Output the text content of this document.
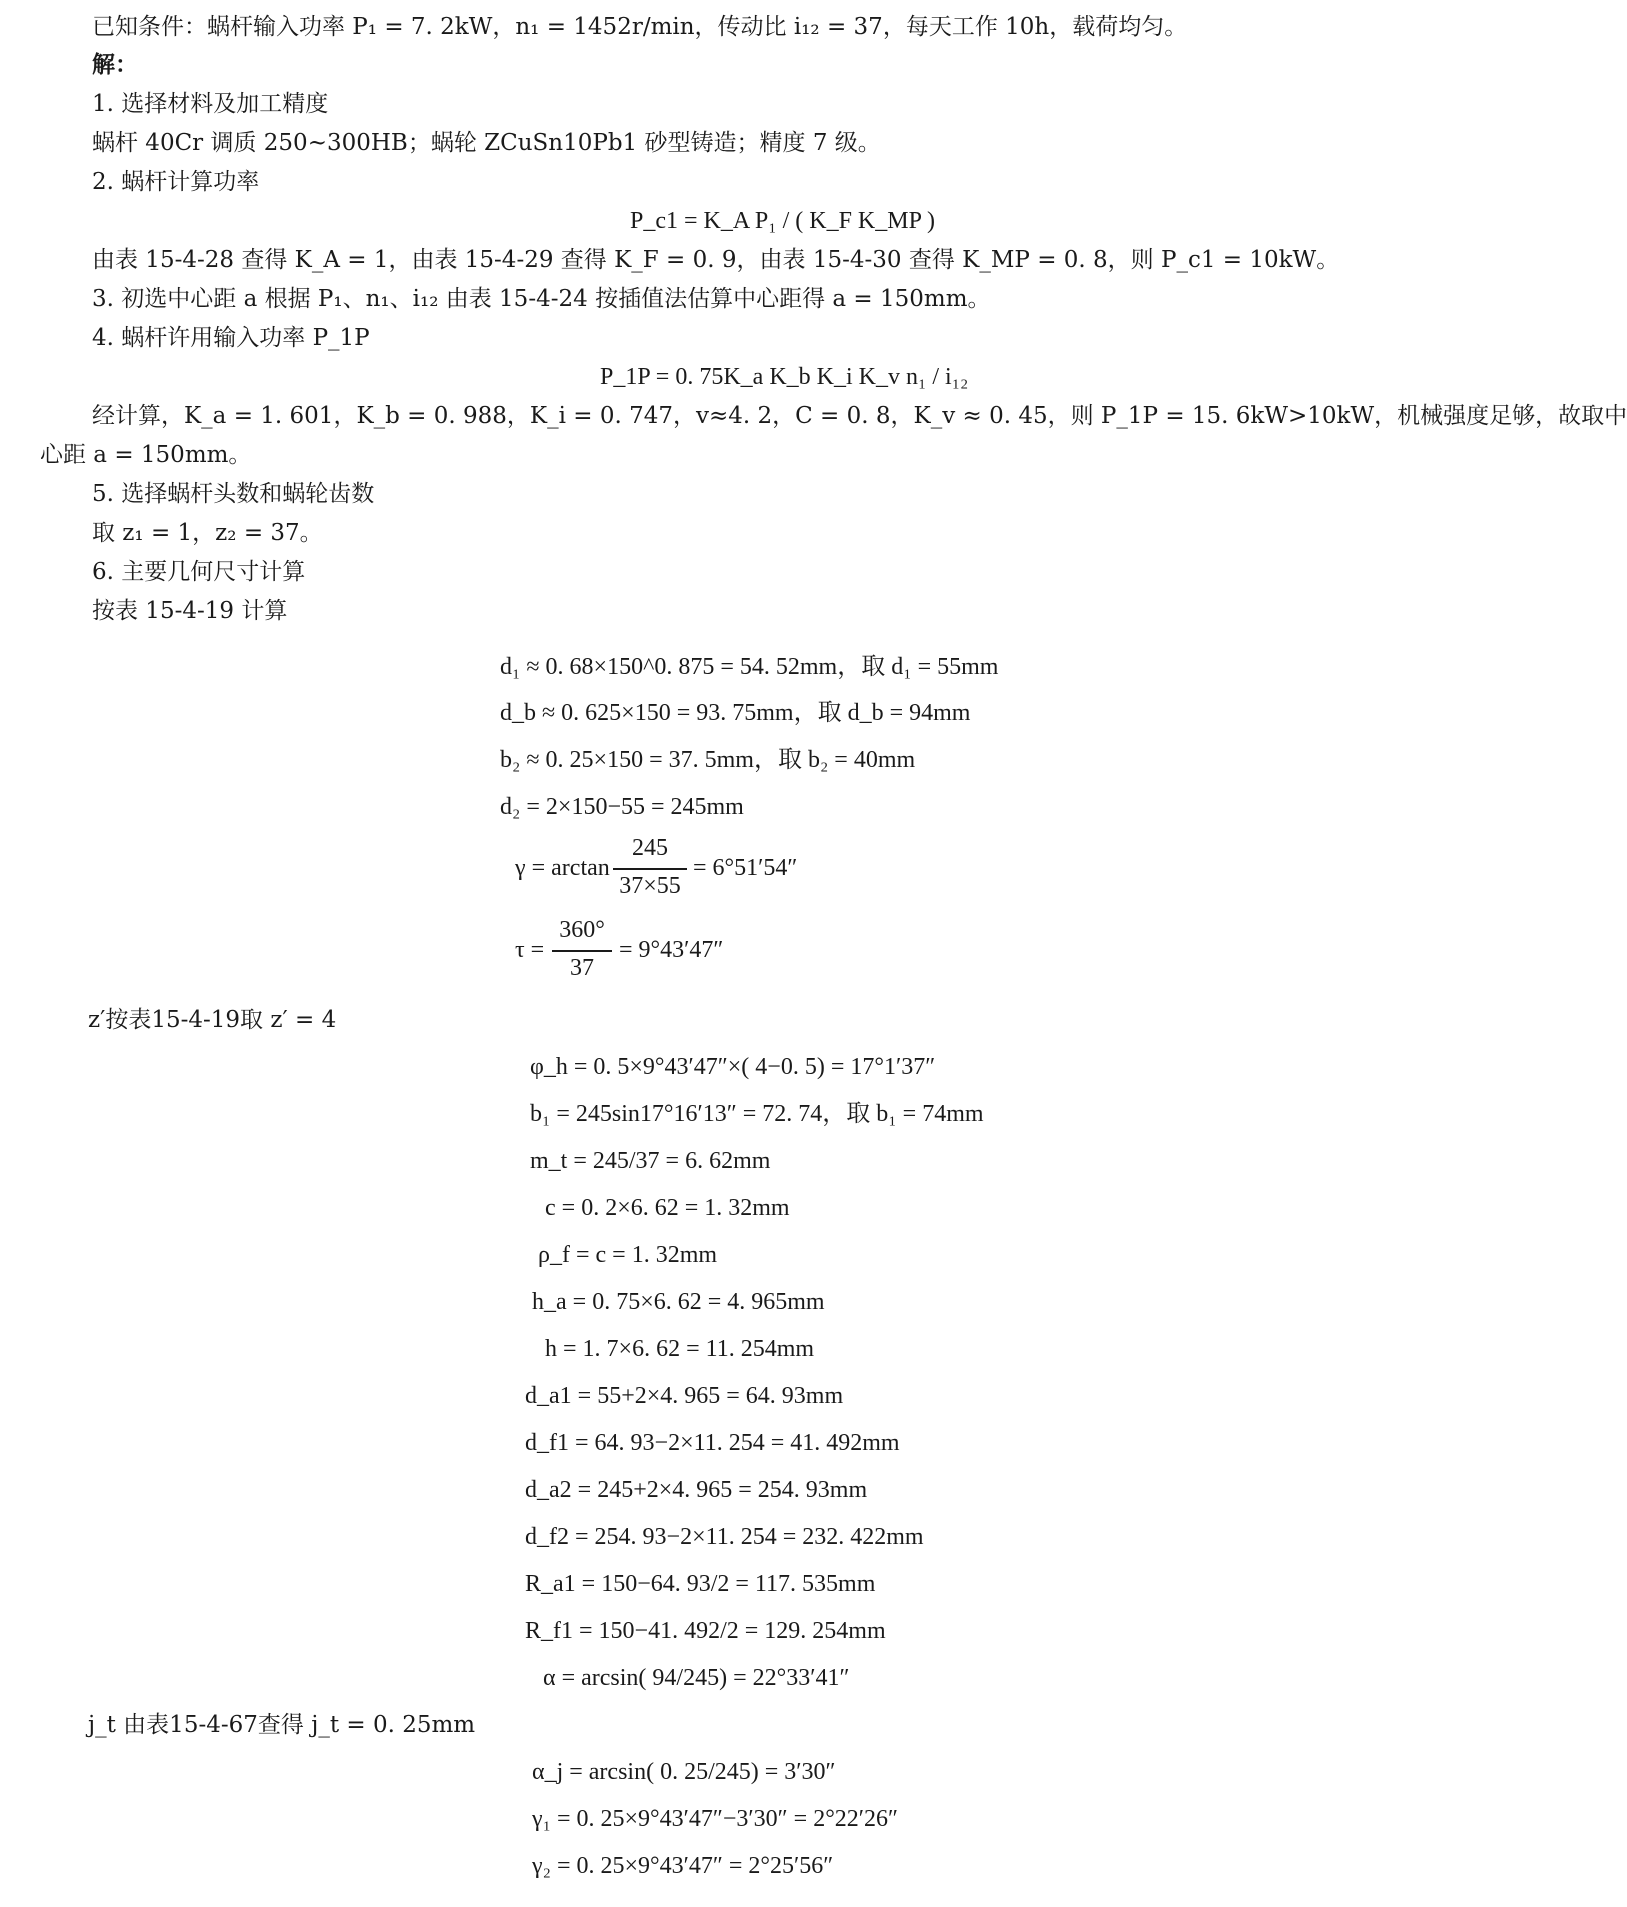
已知条件：蜗杆输入功率 P₁ = 7. 2kW，n₁ = 1452r/min，传动比 i₁₂ = 37，每天工作 10h，载荷均匀。
解：
1. 选择材料及加工精度
蜗杆 40Cr 调质 250~300HB；蜗轮 ZCuSn10Pb1 砂型铸造；精度 7 级。
2. 蜗杆计算功率
P_c1 = K_A P₁ / ( K_F K_MP )
由表 15-4-28 查得 K_A = 1，由表 15-4-29 查得 K_F = 0. 9，由表 15-4-30 查得 K_MP = 0. 8，则 P_c1 = 10kW。
3. 初选中心距 a 根据 P₁、n₁、i₁₂ 由表 15-4-24 按插值法估算中心距得 a = 150mm。
4. 蜗杆许用输入功率 P_1P
P_1P = 0. 75K_a K_b K_i K_v n₁ / i₁₂
经计算，K_a = 1. 601，K_b = 0. 988，K_i = 0. 747，v≈4. 2，C = 0. 8，K_v ≈ 0. 45，则 P_1P = 15. 6kW>10kW，机械强度足够，故取中
心距 a = 150mm。
5. 选择蜗杆头数和蜗轮齿数
取 z₁ = 1，z₂ = 37。
6. 主要几何尺寸计算
按表 15-4-19 计算
d₁ ≈ 0. 68×150^0. 875 = 54. 52mm，取 d₁ = 55mm
d_b ≈ 0. 625×150 = 93. 75mm，取 d_b = 94mm
b₂ ≈ 0. 25×150 = 37. 5mm，取 b₂ = 40mm
d₂ = 2×150−55 = 245mm
γ = arctan
245
37×55
= 6°51′54″
τ =
360°
37
= 9°43′47″
z′按表15-4-19取 z′ = 4
φ_h = 0. 5×9°43′47″×( 4−0. 5) = 17°1′37″
b₁ = 245sin17°16′13″ = 72. 74，取 b₁ = 74mm
m_t = 245/37 = 6. 62mm
c = 0. 2×6. 62 = 1. 32mm
ρ_f = c = 1. 32mm
h_a = 0. 75×6. 62 = 4. 965mm
h = 1. 7×6. 62 = 11. 254mm
d_a1 = 55+2×4. 965 = 64. 93mm
d_f1 = 64. 93−2×11. 254 = 41. 492mm
d_a2 = 245+2×4. 965 = 254. 93mm
d_f2 = 254. 93−2×11. 254 = 232. 422mm
R_a1 = 150−64. 93/2 = 117. 535mm
R_f1 = 150−41. 492/2 = 129. 254mm
α = arcsin( 94/245) = 22°33′41″
j_t 由表15-4-67查得 j_t = 0. 25mm
α_j = arcsin( 0. 25/245) = 3′30″
γ₁ = 0. 25×9°43′47″−3′30″ = 2°22′26″
γ₂ = 0. 25×9°43′47″ = 2°25′56″
